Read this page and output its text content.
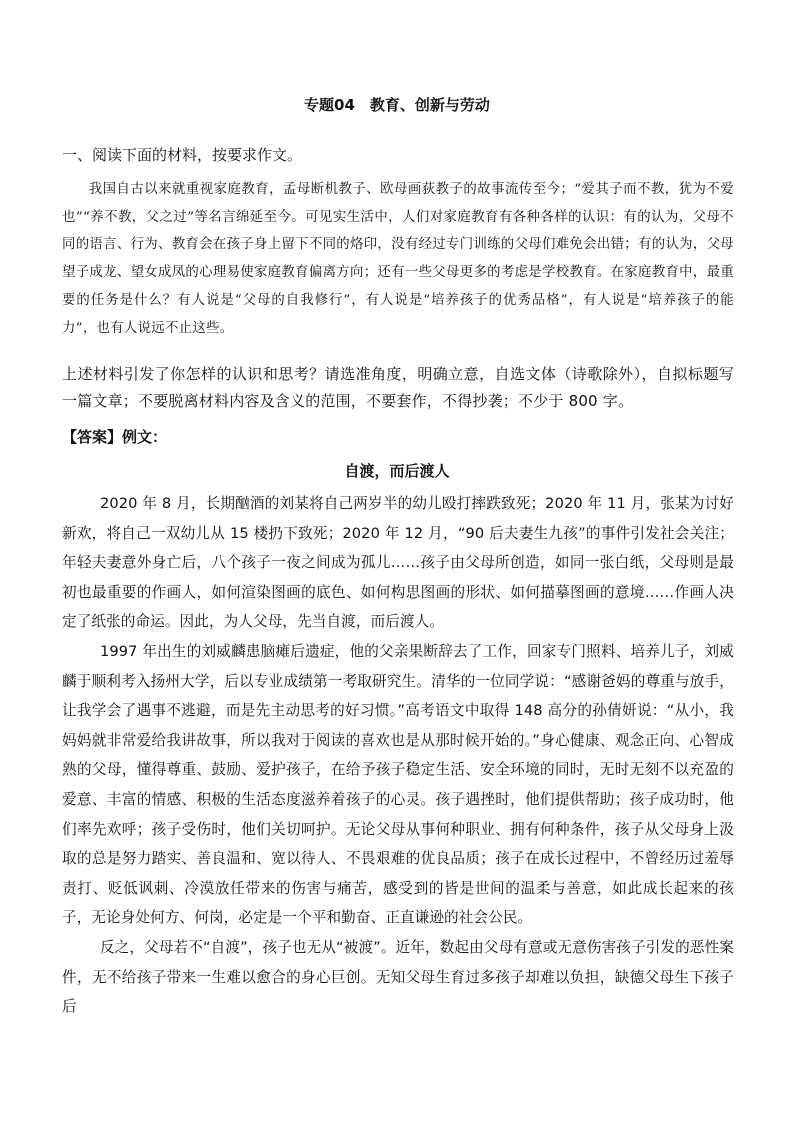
专题04　教育、创新与劳动
一、阅读下面的材料，按要求作文。
我国自古以来就重视家庭教育，孟母断机教子、欧母画荻教子的故事流传至今；“爱其子而不教，犹为不爱也”“养不教，父之过”等名言绵延至今。可见实生活中，人们对家庭教育有各种各样的认识：有的认为，父母不同的语言、行为、教育会在孩子身上留下不同的烙印，没有经过专门训练的父母们难免会出错；有的认为，父母望子成龙、望女成凤的心理易使家庭教育偏离方向；还有一些父母更多的考虑是学校教育。在家庭教育中，最重要的任务是什么？有人说是“父母的自我修行”，有人说是“培养孩子的优秀品格”，有人说是“培养孩子的能力”，也有人说远不止这些。
上述材料引发了你怎样的认识和思考？请选准角度，明确立意，自选文体（诗歌除外），自拟标题写一篇文章；不要脱离材料内容及含义的范围，不要套作，不得抄袭；不少于 800 字。
【答案】例文：
自渡，而后渡人

2020 年 8 月，长期酗酒的刘某将自己两岁半的幼儿殴打摔跌致死；2020 年 11 月，张某为讨好新欢，将自己一双幼儿从 15 楼扔下致死；2020 年 12 月，“90 后夫妻生九孩”的事件引发社会关注；年轻夫妻意外身亡后，八个孩子一夜之间成为孤儿……孩子由父母所创造，如同一张白纸，父母则是最初也最重要的作画人，如何渲染图画的底色、如何构思图画的形状、如何描摹图画的意境……作画人决定了纸张的命运。因此，为人父母，先当自渡，而后渡人。

1997 年出生的刘威麟患脑瘫后遗症，他的父亲果断辞去了工作，回家专门照料、培养儿子，刘威麟于顺利考入扬州大学，后以专业成绩第一考取研究生。清华的一位同学说：“感谢爸妈的尊重与放手，让我学会了遇事不逃避，而是先主动思考的好习惯。”高考语文中取得 148 高分的孙倩妍说：“从小，我妈妈就非常爱给我讲故事，所以我对于阅读的喜欢也是从那时候开始的。”身心健康、观念正向、心智成熟的父母，懂得尊重、鼓励、爱护孩子，在给予孩子稳定生活、安全环境的同时，无时无刻不以充盈的爱意、丰富的情感、积极的生活态度滋养着孩子的心灵。孩子遇挫时，他们提供帮助；孩子成功时，他们率先欢呼；孩子受伤时，他们关切呵护。无论父母从事何种职业、拥有何种条件，孩子从父母身上汲取的总是努力踏实、善良温和、宽以待人、不畏艰难的优良品质；孩子在成长过程中，不曾经历过羞辱责打、贬低讽刺、冷漠放任带来的伤害与痛苦，感受到的皆是世间的温柔与善意，如此成长起来的孩子，无论身处何方、何岗，必定是一个平和勤奋、正直谦逊的社会公民。

反之，父母若不“自渡”，孩子也无从“被渡”。近年，数起由父母有意或无意伤害孩子引发的恶性案件，无不给孩子带来一生难以愈合的身心巨创。无知父母生育过多孩子却难以负担，缺德父母生下孩子后
